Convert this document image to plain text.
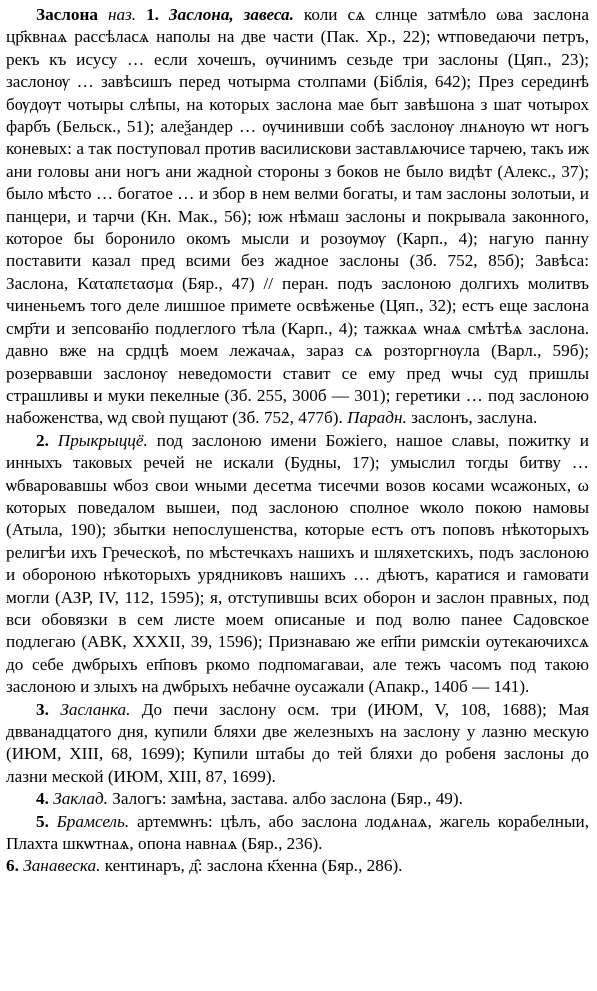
Заслона наз. 1. Заслона, завеса. коли сѧ слнце затмѣло ωва заслона цр҃квнаѧ рассѣласѧ наполы на две части (Пак. Хр., 22); ѡтповедаючи петръ, рекъ къ исусу … если хочешъ, ѹчинимъ сезьде три заслоны (Цяп., 23); заслонѹ … завѣсишъ перед чотырма столпами (Біблія, 642); През серединѣ бѹдѹт чотыры слѣпы, на которых заслона мае быт завѣшона з шат чотырох фарбъ (Бельск., 51); алеѯандер … ѹчинивши собѣ заслонѹ лнѧнѹю ѡт ногъ коневых: а так поступовал против василискови заставлѧючисе тарчею, такъ иж ани головы ани ногъ ани жадноѝ стороны з боков не было видѣт (Алекс., 37); было мѣсто … богатое … и збор в нем велми богаты, и там заслоны золотыи, и панцери, и тарчи (Кн. Мак., 56); юж нѣмаш заслоны и покрывала законного, которое бы боронило окомъ мысли и розѹмѹ (Карп., 4); нагую панну поставити казал пред всими без жадное заслоны (Зб. 752, 85б); Завѣса: Заслона, Καταπετασμα (Бяр., 47) // перан. подъ заслоною долгихъ молитвъ чиненьемъ того деле лишшое примете освѣженье (Цяп., 32); естъ еще заслона смр҃ти и зепсован҃ю подлеглого тѣла (Карп., 4); тажкаѧ ѡнаѧ смѣтѣѧ заслона. давно вже на срдцѣ моем лежачаѧ, зараз сѧ розторгнѹла (Варл., 59б); розервавши заслонѹ неведомости ставит се ему пред ѡчы суд пришлы страшливы и муки пекелные (Зб. 255, 300б — 301); геретики … под заслоною набоженства, ѡд своѝ пущают (Зб. 752, 477б). Парадн. заслонъ, заслуна.

2. Прыкрыццё. под заслоною имени Божіего, нашое славы, пожитку и инныхъ таковых речей не искали (Будны, 17); умыслил тогды битву … ѡбваровавшы ѡбоз свои ѡными десетма тисечми возов косами ѡсажоных, ω которых поведалом вышеи, под заслоною сполное ѡколо покою намовы (Атыла, 190); збытки непослушенства, которые естъ отъ поповъ нѣкоторыхъ религѣи ихъ Греческоѣ, по мѣстечкахъ нашихъ и шляхетскихъ, подъ заслоною и обороною нѣкоторыхъ урядниковъ нашихъ … дѣютъ, каратися и гамовати могли (АЗР, IV, 112, 1595); я, отступившы всих оборон и заслон правных, под вси обовязки в сем листе моем описаные и под волю панее Садовское подлегаю (АВК, XXXII, 39, 1596); Признаваю же еп҃пи римскіи оутекаючихсѧ до себе дѡбрыхъ еп҃повъ ркомо подпомагаваи, але тежъ часомъ под такою заслоною и злыхъ на дѡбрыхъ небачне оусажали (Апакр., 140б — 141).

3. Засланка. До печи заслону осм. три (ИЮМ, V, 108, 1688); Мая двванадцатого дня, купили бляхи две железныхъ на заслону у лазню меcкую (ИЮМ, XIII, 68, 1699); Купили штабы до тей бляхи до робеня заслоны до лазни меской (ИЮМ, XIII, 87, 1699).

4. Заклад. Залогъ: замѣна, застава. албо заслона (Бяр., 49).

5. Брамсель. артемѡнъ: цѣлъ, або заслона лодѧнаѧ, жагель корабелныи, Плахта шкѡтнаѧ, опона навнаѧ (Бяр., 236).

6. Занавеска. кентинаръ, д̑: заслона к҃хенна (Бяр., 286).
